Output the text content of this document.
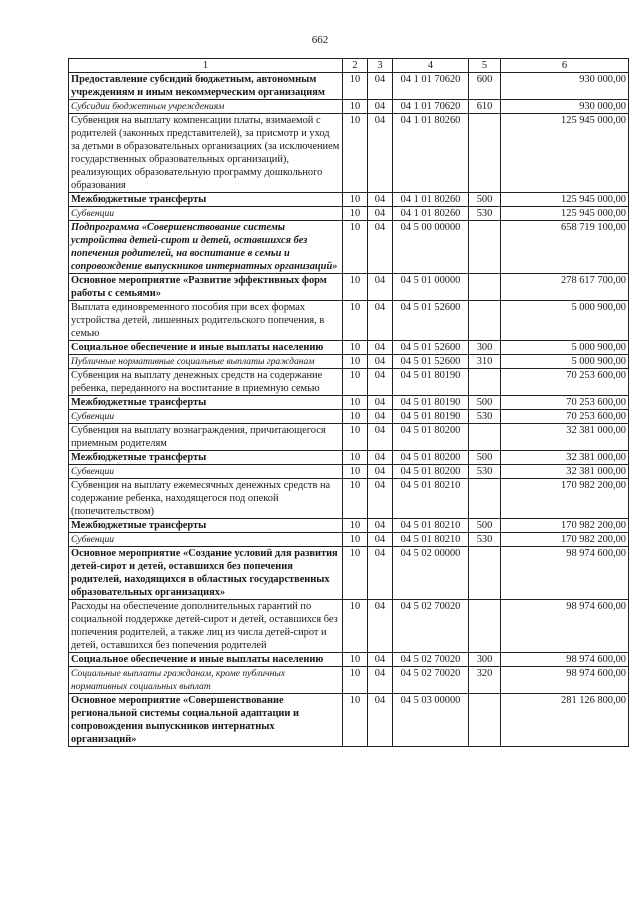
662
1	2	3	4	5	6
Предоставление субсидий бюджетным, автономным учреждениям и иным некоммерческим организациям	10	04	04 1 01 70620	600	930 000,00
Субсидии бюджетным учреждениям	10	04	04 1 01 70620	610	930 000,00
Субвенция на выплату компенсации платы, взимаемой с родителей (законных представителей), за присмотр и уход за детьми в образовательных организациях (за исключением государственных образовательных организаций), реализующих образовательную программу дошкольного образования	10	04	04 1 01 80260		125 945 000,00
Межбюджетные трансферты	10	04	04 1 01 80260	500	125 945 000,00
Субвенции	10	04	04 1 01 80260	530	125 945 000,00
Подпрограмма «Совершенствование системы устройства детей-сирот и детей, оставшихся без попечения родителей, на воспитание в семьи и сопровождение выпускников интернатных организаций»	10	04	04 5 00 00000		658 719 100,00
Основное мероприятие «Развитие эффективных форм работы с семьями»	10	04	04 5 01 00000		278 617 700,00
Выплата единовременного пособия при всех формах устройства детей, лишенных родительского попечения, в семью	10	04	04 5 01 52600		5 000 900,00
Социальное обеспечение и иные выплаты населению	10	04	04 5 01 52600	300	5 000 900,00
Публичные нормативные социальные выплаты гражданам	10	04	04 5 01 52600	310	5 000 900,00
Субвенция на выплату денежных средств на содержание ребенка, переданного на воспитание в приемную семью	10	04	04 5 01 80190		70 253 600,00
Межбюджетные трансферты	10	04	04 5 01 80190	500	70 253 600,00
Субвенции	10	04	04 5 01 80190	530	70 253 600,00
Субвенция на выплату вознаграждения, причитающегося приемным родителям	10	04	04 5 01 80200		32 381 000,00
Межбюджетные трансферты	10	04	04 5 01 80200	500	32 381 000,00
Субвенции	10	04	04 5 01 80200	530	32 381 000,00
Субвенция на выплату ежемесячных денежных средств на содержание ребенка, находящегося под опекой (попечительством)	10	04	04 5 01 80210		170 982 200,00
Межбюджетные трансферты	10	04	04 5 01 80210	500	170 982 200,00
Субвенции	10	04	04 5 01 80210	530	170 982 200,00
Основное мероприятие «Создание условий для развития детей-сирот и детей, оставшихся без попечения родителей, находящихся в областных государственных образовательных организациях»	10	04	04 5 02 00000		98 974 600,00
Расходы на обеспечение дополнительных гарантий по социальной поддержке детей-сирот и детей, оставшихся без попечения родителей, а также лиц из числа детей-сирот и детей, оставшихся без попечения родителей	10	04	04 5 02 70020		98 974 600,00
Социальное обеспечение и иные выплаты населению	10	04	04 5 02 70020	300	98 974 600,00
Социальные выплаты гражданам, кроме публичных нормативных социальных выплат	10	04	04 5 02 70020	320	98 974 600,00
Основное мероприятие «Совершенствование региональной системы социальной адаптации и сопровождения выпускников интернатных организаций»	10	04	04 5 03 00000		281 126 800,00
